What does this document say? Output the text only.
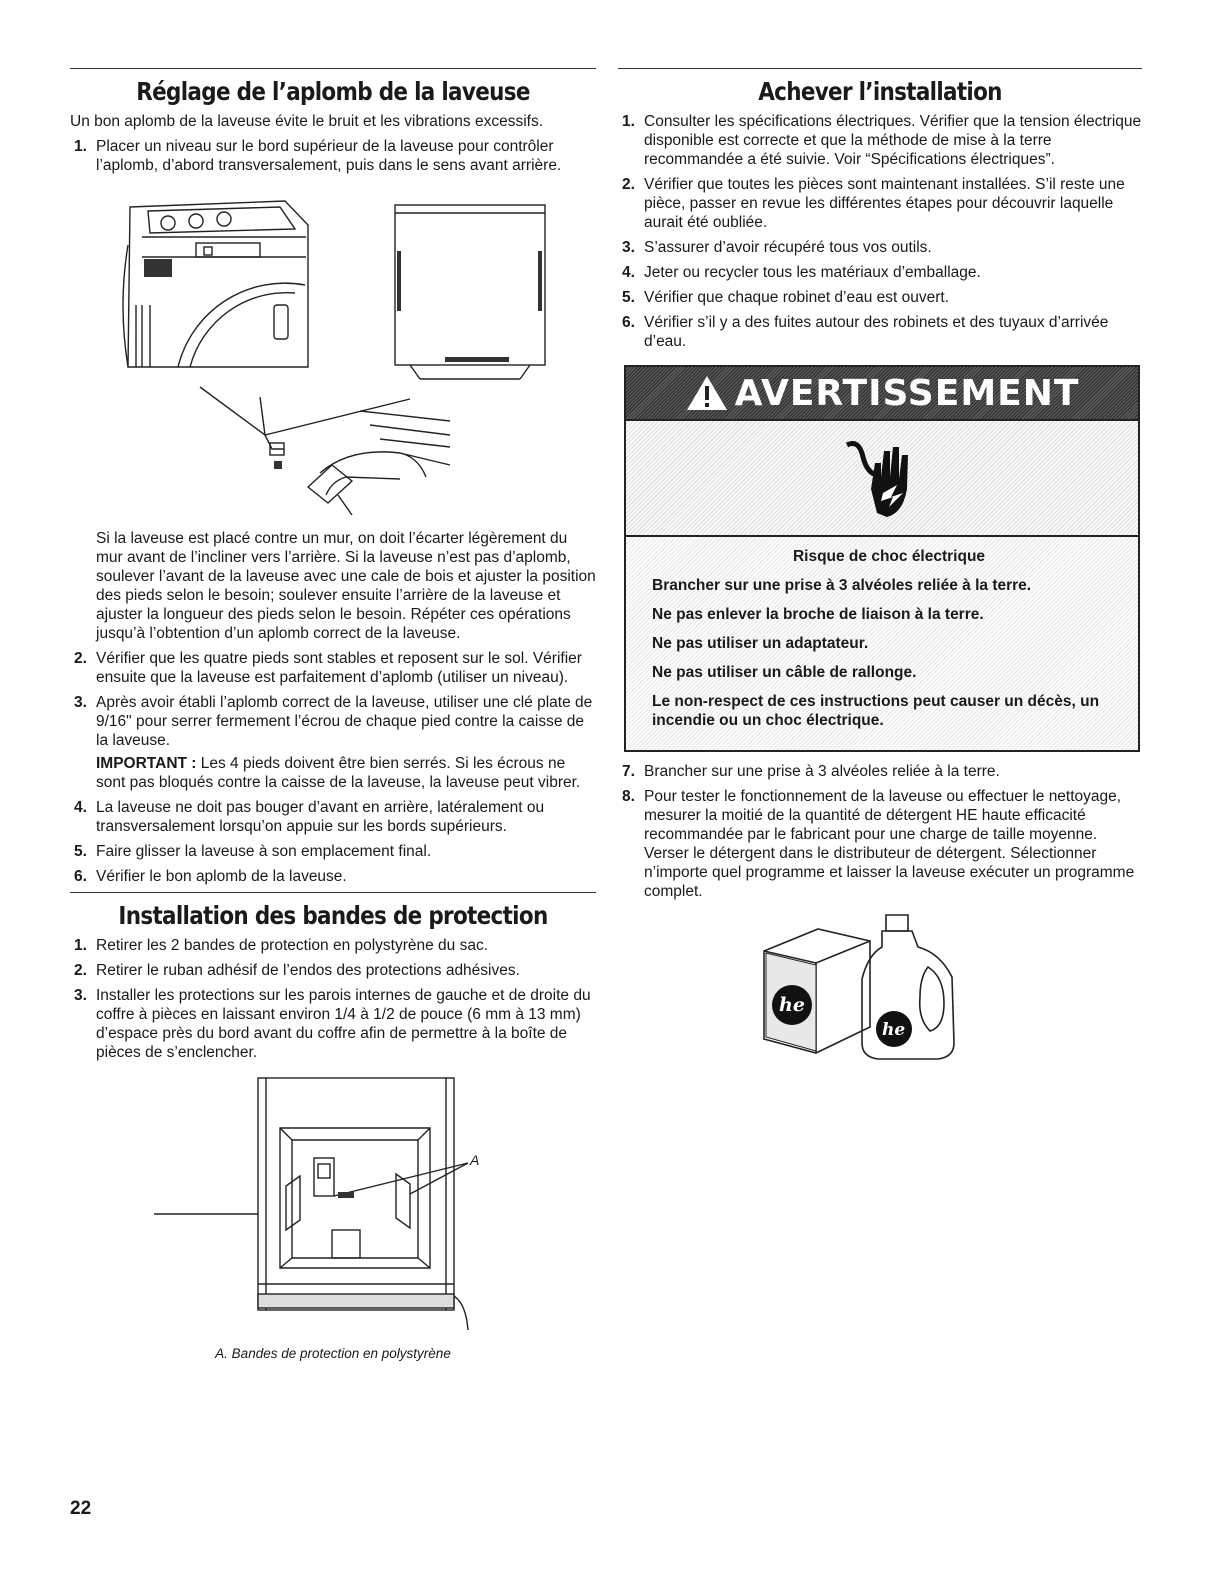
Réglage de l’aplomb de la laveuse

Un bon aplomb de la laveuse évite le bruit et les vibrations excessifs.

1. Placer un niveau sur le bord supérieur de la laveuse pour contrôler l’aplomb, d’abord transversalement, puis dans le sens avant arrière.
Si la laveuse est placé contre un mur, on doit l’écarter légèrement du mur avant de l’incliner vers l’arrière. Si la laveuse n’est pas d’aplomb, soulever l’avant de la laveuse avec une cale de bois et ajuster la position des pieds selon le besoin; soulever ensuite l’arrière de la laveuse et ajuster la longueur des pieds selon le besoin. Répéter ces opérations jusqu’à l’obtention d’un aplomb correct de la laveuse.
2. Vérifier que les quatre pieds sont stables et reposent sur le sol. Vérifier ensuite que la laveuse est parfaitement d’aplomb (utiliser un niveau).
3. Après avoir établi l’aplomb correct de la laveuse, utiliser une clé plate de 9/16" pour serrer fermement l’écrou de chaque pied contre la caisse de la laveuse.
IMPORTANT : Les 4 pieds doivent être bien serrés. Si les écrous ne sont pas bloqués contre la caisse de la laveuse, la laveuse peut vibrer.
4. La laveuse ne doit pas bouger d’avant en arrière, latéralement ou transversalement lorsqu’on appuie sur les bords supérieurs.
5. Faire glisser la laveuse à son emplacement final.
6. Vérifier le bon aplomb de la laveuse.
Installation des bandes de protection
1. Retirer les 2 bandes de protection en polystyrène du sac.
2. Retirer le ruban adhésif de l’endos des protections adhésives.
3. Installer les protections sur les parois internes de gauche et de droite du coffre à pièces en laissant environ 1/4 à 1/2 de pouce (6 mm à 13 mm) d’espace près du bord avant du coffre afin de permettre à la boîte de pièces de s’enclencher.
A
A. Bandes de protection en polystyrène
Achever l’installation
1. Consulter les spécifications électriques. Vérifier que la tension électrique disponible est correcte et que la méthode de mise à la terre recommandée a été suivie. Voir “Spécifications électriques”.
2. Vérifier que toutes les pièces sont maintenant installées. S’il reste une pièce, passer en revue les différentes étapes pour découvrir laquelle aurait été oubliée.
3. S’assurer d’avoir récupéré tous vos outils.
4. Jeter ou recycler tous les matériaux d’emballage.
5. Vérifier que chaque robinet d’eau est ouvert.
6. Vérifier s’il y a des fuites autour des robinets et des tuyaux d’arrivée d’eau.
AVERTISSEMENT

Risque de choc électrique

Brancher sur une prise à 3 alvéoles reliée à la terre.

Ne pas enlever la broche de liaison à la terre.

Ne pas utiliser un adaptateur.

Ne pas utiliser un câble de rallonge.

Le non-respect de ces instructions peut causer un décès, un incendie ou un choc électrique.

7. Brancher sur une prise à 3 alvéoles reliée à la terre.
8. Pour tester le fonctionnement de la laveuse ou effectuer le nettoyage, mesurer la moitié de la quantité de détergent HE haute efficacité recommandée par le fabricant pour une charge de taille moyenne. Verser le détergent dans le distributeur de détergent. Sélectionner n’importe quel programme et laisser la laveuse exécuter un programme complet.
he
he
22
